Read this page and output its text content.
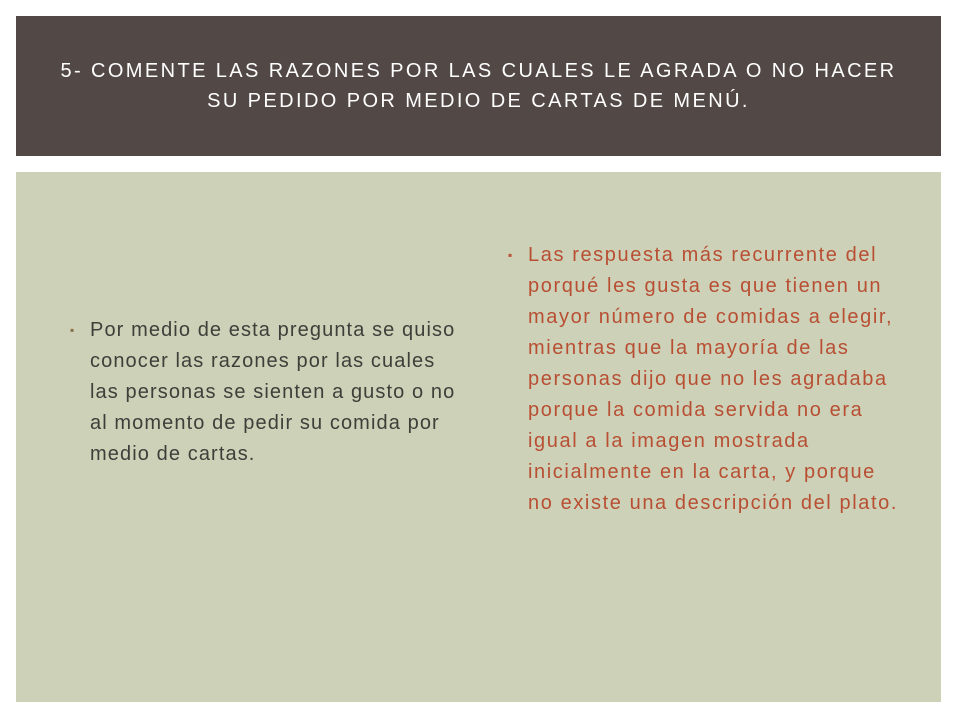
5- COMENTE LAS RAZONES POR LAS CUALES LE AGRADA O NO HACER SU PEDIDO POR MEDIO DE CARTAS DE MENÚ.
▪ Por medio de esta pregunta se quiso conocer las razones por las cuales las personas se sienten a gusto o no al momento de pedir su comida por medio de cartas.

▪ Las respuesta más recurrente del porqué les gusta es que tienen un mayor número de comidas a elegir, mientras que la mayoría de las personas dijo que no les agradaba porque la comida servida no era igual a la imagen mostrada inicialmente en la carta, y porque no existe una descripción del plato.
